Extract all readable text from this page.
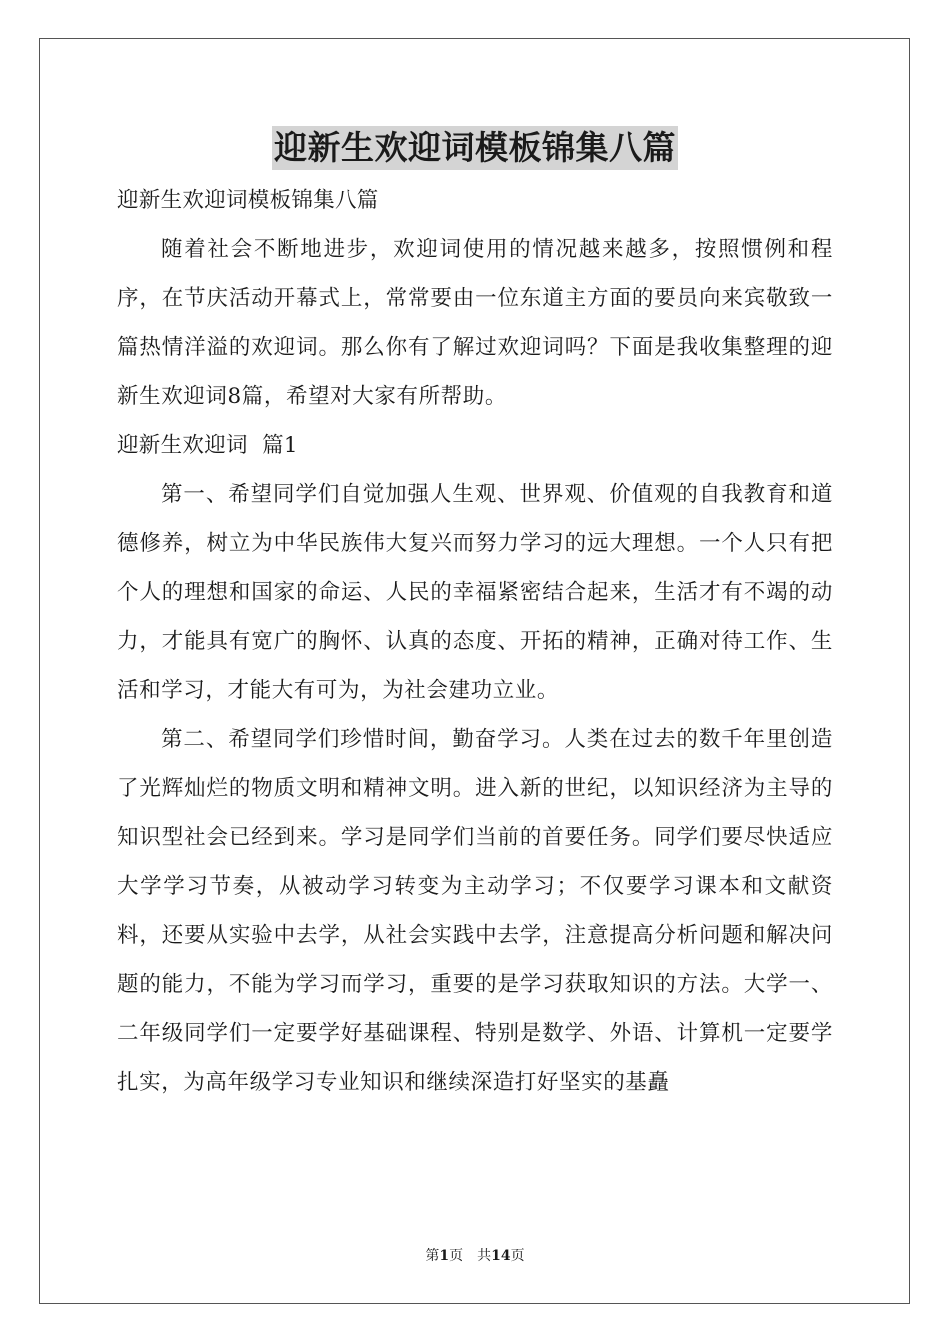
迎新生欢迎词模板锦集八篇

迎新生欢迎词模板锦集八篇

随着社会不断地进步，欢迎词使用的情况越来越多，按照惯例和程序，在节庆活动开幕式上，常常要由一位东道主方面的要员向来宾敬致一篇热情洋溢的欢迎词。那么你有了解过欢迎词吗？下面是我收集整理的迎新生欢迎词8篇，希望对大家有所帮助。

迎新生欢迎词  篇1

第一、希望同学们自觉加强人生观、世界观、价值观的自我教育和道德修养，树立为中华民族伟大复兴而努力学习的远大理想。一个人只有把个人的理想和国家的命运、人民的幸福紧密结合起来，生活才有不竭的动力，才能具有宽广的胸怀、认真的态度、开拓的精神，正确对待工作、生活和学习，才能大有可为，为社会建功立业。

第二、希望同学们珍惜时间，勤奋学习。人类在过去的数千年里创造了光辉灿烂的物质文明和精神文明。进入新的世纪，以知识经济为主导的知识型社会已经到来。学习是同学们当前的首要任务。同学们要尽快适应大学学习节奏，从被动学习转变为主动学习；不仅要学习课本和文献资料，还要从实验中去学，从社会实践中去学，注意提高分析问题和解决问题的能力，不能为学习而学习，重要的是学习获取知识的方法。大学一、二年级同学们一定要学好基础课程、特别是数学、外语、计算机一定要学扎实，为高年级学习专业知识和继续深造打好坚实的基矗

第1页　共14页
